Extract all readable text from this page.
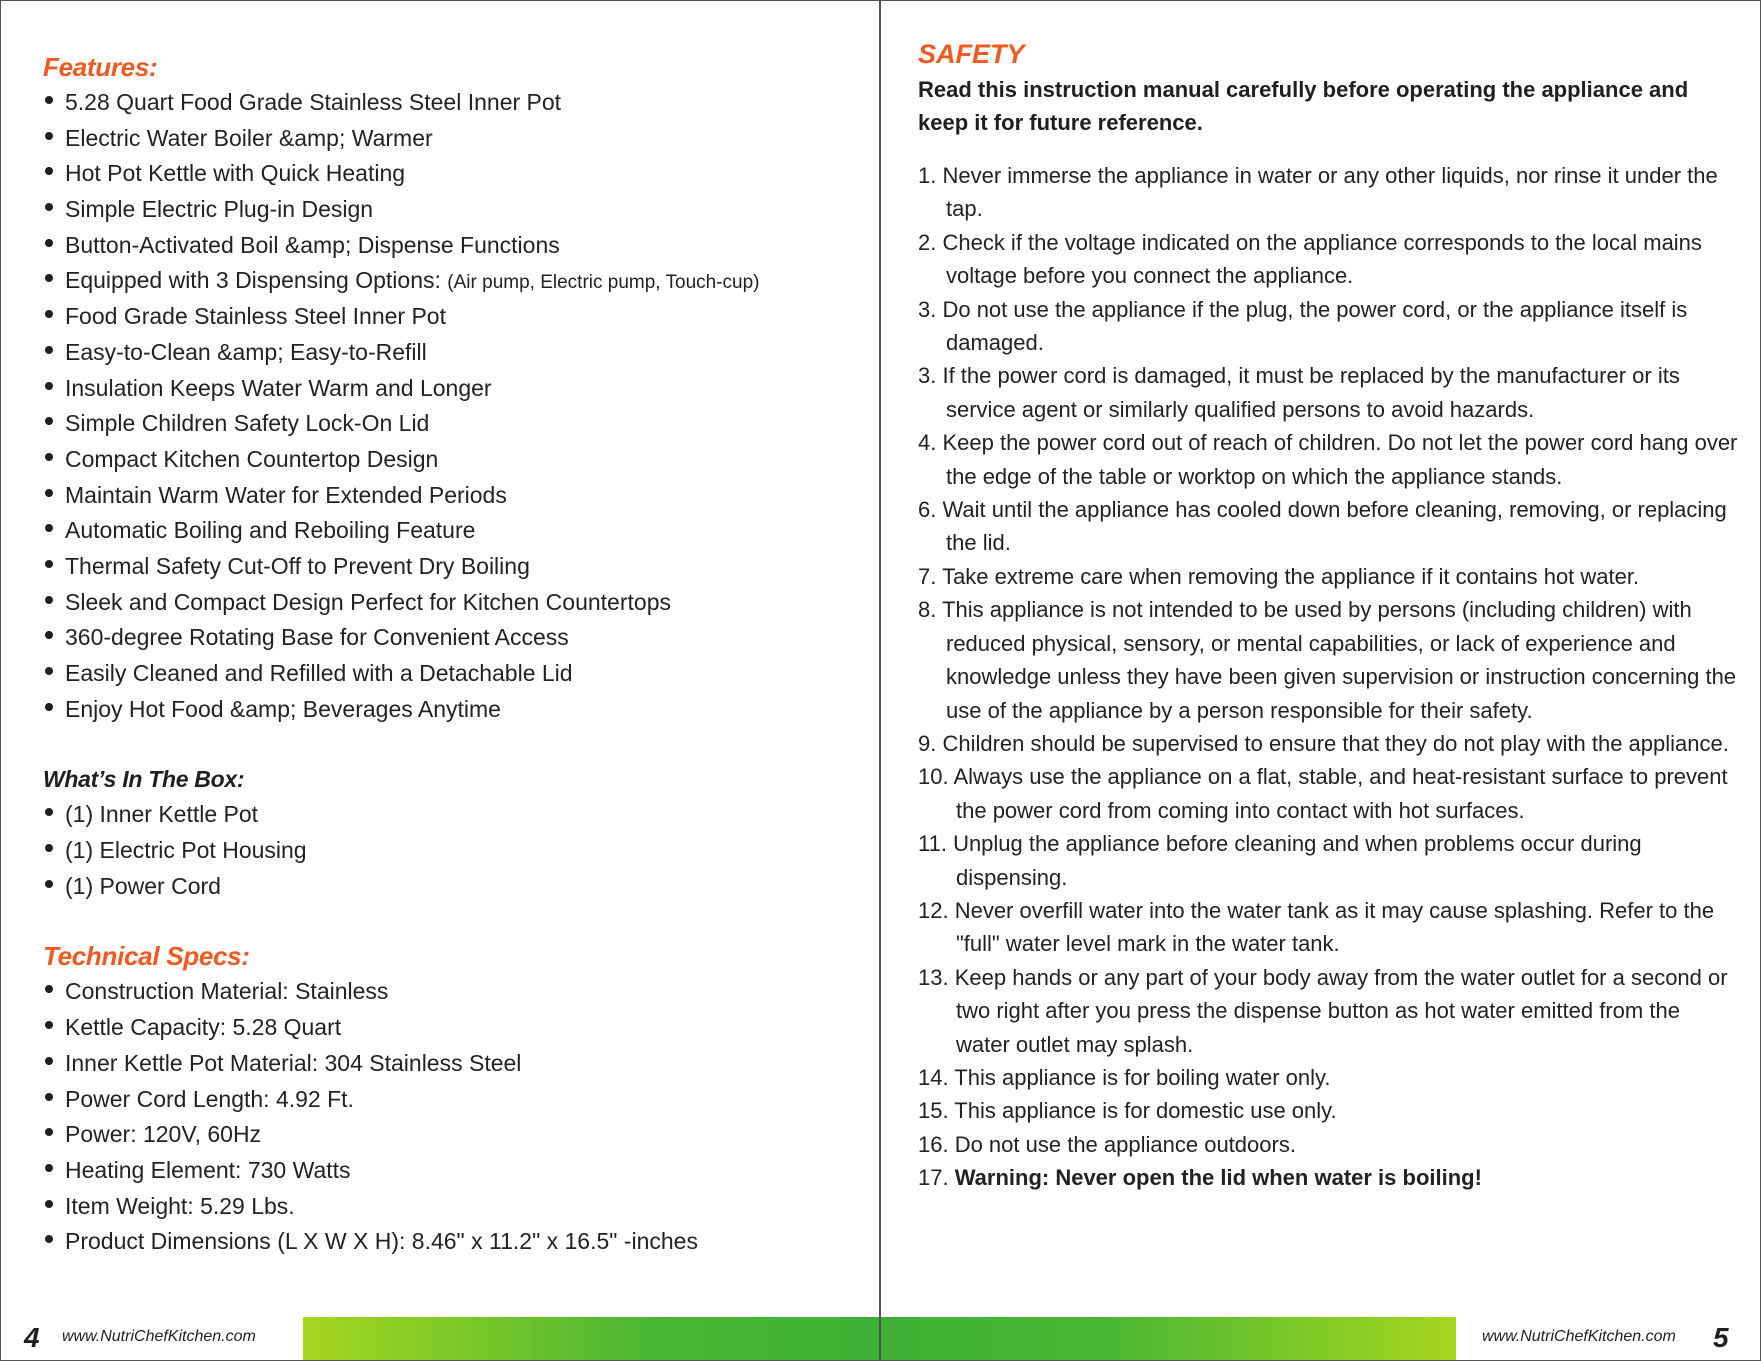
Features:
5.28 Quart Food Grade Stainless Steel Inner Pot
Electric Water Boiler &amp; Warmer
Hot Pot Kettle with Quick Heating
Simple Electric Plug-in Design
Button-Activated Boil &amp; Dispense Functions
Equipped with 3 Dispensing Options: (Air pump, Electric pump, Touch-cup)
Food Grade Stainless Steel Inner Pot
Easy-to-Clean &amp; Easy-to-Refill
Insulation Keeps Water Warm and Longer
Simple Children Safety Lock-On Lid
Compact Kitchen Countertop Design
Maintain Warm Water for Extended Periods
Automatic Boiling and Reboiling Feature
Thermal Safety Cut-Off to Prevent Dry Boiling
Sleek and Compact Design Perfect for Kitchen Countertops
360-degree Rotating Base for Convenient Access
Easily Cleaned and Refilled with a Detachable Lid
Enjoy Hot Food &amp; Beverages Anytime
What’s In The Box:
(1) Inner Kettle Pot
(1) Electric Pot Housing
(1) Power Cord
Technical Specs:
Construction Material: Stainless
Kettle Capacity: 5.28 Quart
Inner Kettle Pot Material: 304 Stainless Steel
Power Cord Length: 4.92 Ft.
Power: 120V, 60Hz
Heating Element: 730 Watts
Item Weight: 5.29 Lbs.
Product Dimensions (L X W X H): 8.46" x 11.2" x 16.5" -inches
SAFETY
Read this instruction manual carefully before operating the appliance and keep it for future reference.
1. Never immerse the appliance in water or any other liquids, nor rinse it under the tap.
2. Check if the voltage indicated on the appliance corresponds to the local mains voltage before you connect the appliance.
3. Do not use the appliance if the plug, the power cord, or the appliance itself is damaged.
3. If the power cord is damaged, it must be replaced by the manufacturer or its service agent or similarly qualified persons to avoid hazards.
4. Keep the power cord out of reach of children. Do not let the power cord hang over the edge of the table or worktop on which the appliance stands.
6. Wait until the appliance has cooled down before cleaning, removing, or replacing the lid.
7. Take extreme care when removing the appliance if it contains hot water.
8. This appliance is not intended to be used by persons (including children) with reduced physical, sensory, or mental capabilities, or lack of experience and knowledge unless they have been given supervision or instruction concerning the use of the appliance by a person responsible for their safety.
9. Children should be supervised to ensure that they do not play with the appliance.
10. Always use the appliance on a flat, stable, and heat-resistant surface to prevent the power cord from coming into contact with hot surfaces.
11. Unplug the appliance before cleaning and when problems occur during dispensing.
12. Never overfill water into the water tank as it may cause splashing. Refer to the "full" water level mark in the water tank.
13. Keep hands or any part of your body away from the water outlet for a second or two right after you press the dispense button as hot water emitted from the water outlet may splash.
14. This appliance is for boiling water only.
15. This appliance is for domestic use only.
16. Do not use the appliance outdoors.
17. Warning: Never open the lid when water is boiling!
4 www.NutriChefKitchen.com	www.NutriChefKitchen.com 5
